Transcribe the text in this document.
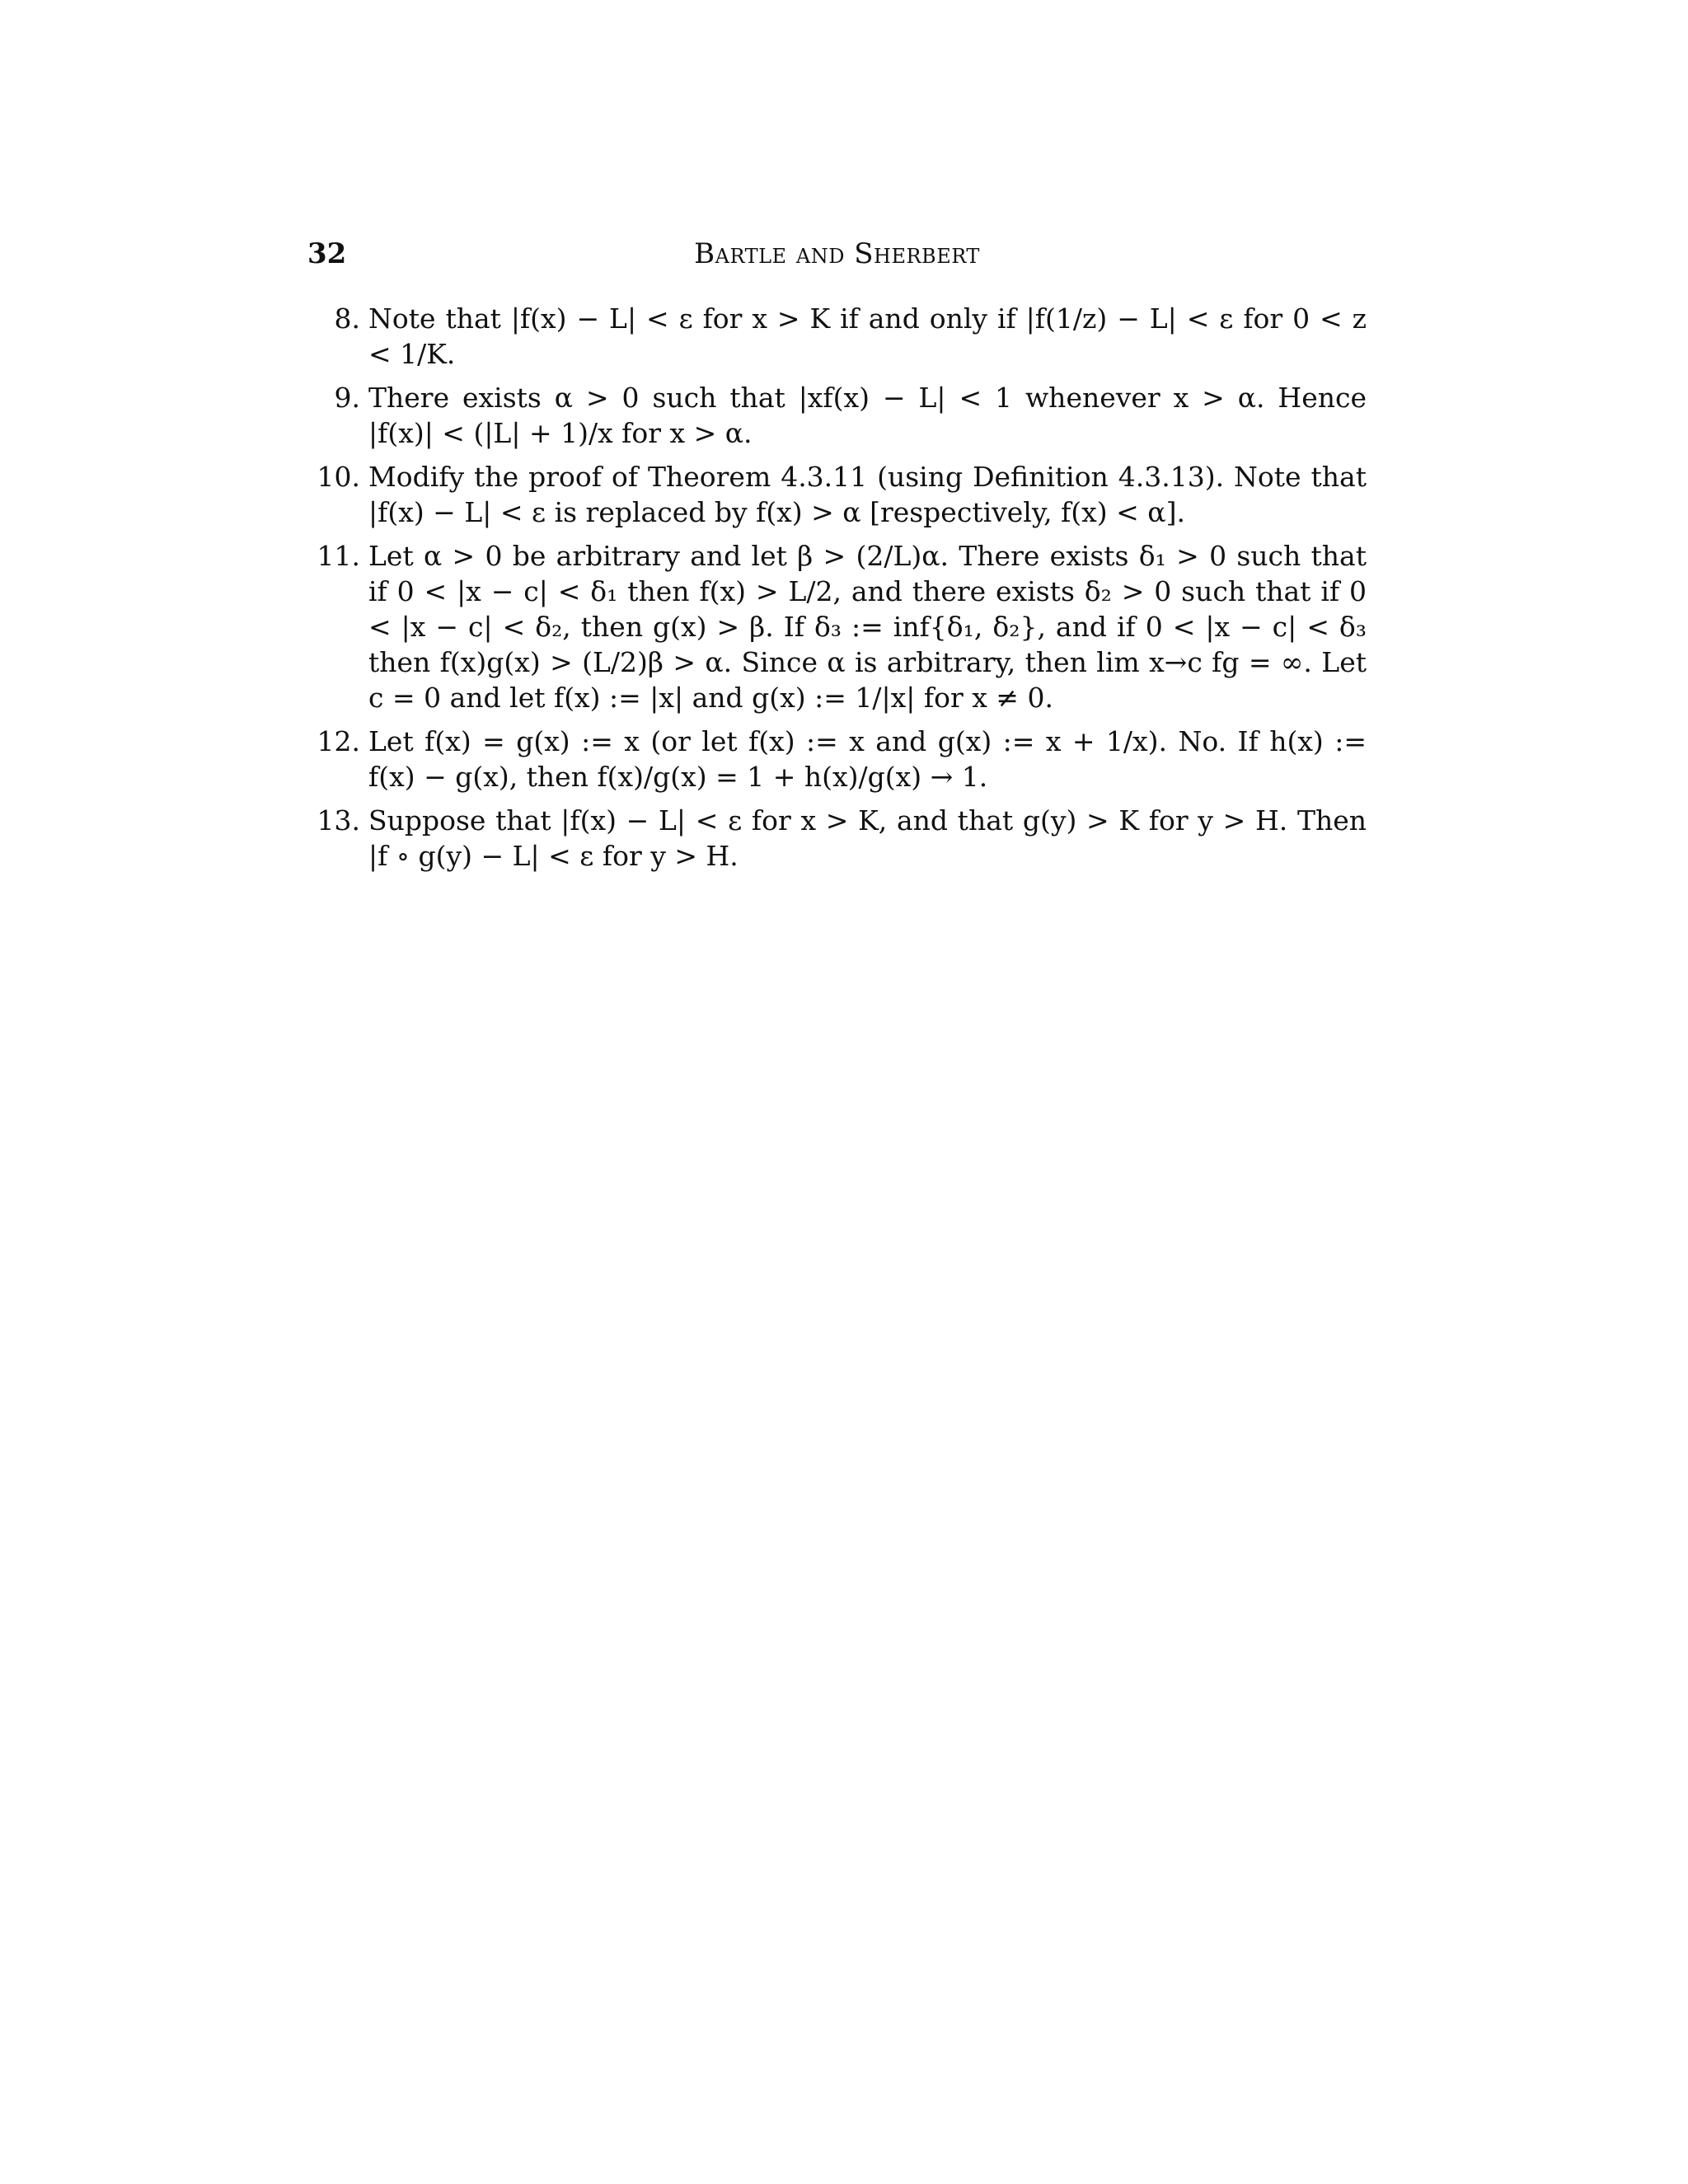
32	Bartle and Sherbert
8. Note that |f(x) − L| < ε for x > K if and only if |f(1/z) − L| < ε for 0 < z < 1/K.
9. There exists α > 0 such that |xf(x) − L| < 1 whenever x > α. Hence |f(x)| < (|L| + 1)/x for x > α.
10. Modify the proof of Theorem 4.3.11 (using Definition 4.3.13). Note that |f(x) − L| < ε is replaced by f(x) > α [respectively, f(x) < α].
11. Let α > 0 be arbitrary and let β > (2/L)α. There exists δ₁ > 0 such that if 0 < |x − c| < δ₁ then f(x) > L/2, and there exists δ₂ > 0 such that if 0 < |x − c| < δ₂, then g(x) > β. If δ₃ := inf{δ₁, δ₂}, and if 0 < |x − c| < δ₃ then f(x)g(x) > (L/2)β > α. Since α is arbitrary, then lim x→c fg = ∞. Let c = 0 and let f(x) := |x| and g(x) := 1/|x| for x ≠ 0.
12. Let f(x) = g(x) := x (or let f(x) := x and g(x) := x + 1/x). No. If h(x) := f(x) − g(x), then f(x)/g(x) = 1 + h(x)/g(x) → 1.
13. Suppose that |f(x) − L| < ε for x > K, and that g(y) > K for y > H. Then |f ∘ g(y) − L| < ε for y > H.
